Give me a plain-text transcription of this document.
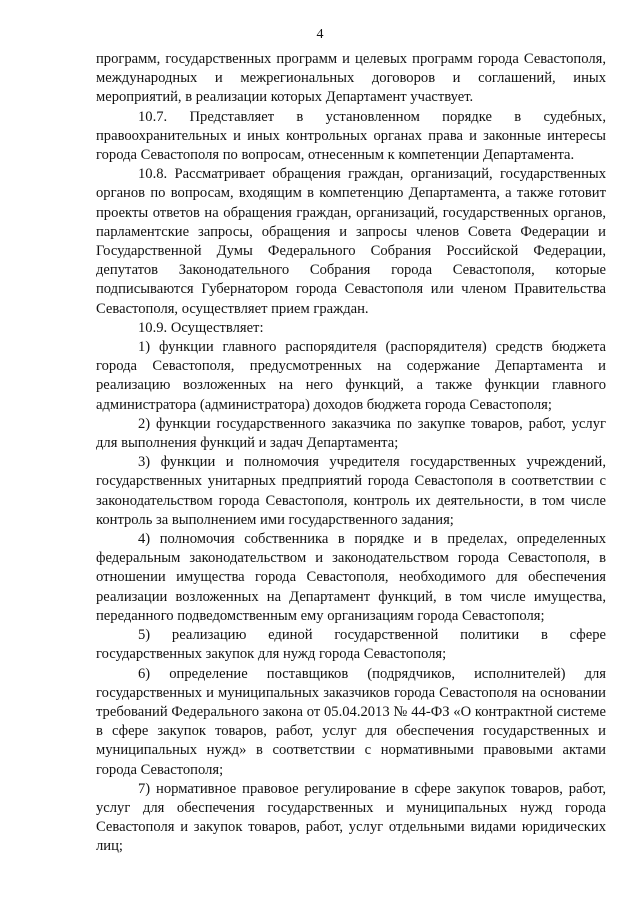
4

программ, государственных программ и целевых программ города Севастополя, международных и межрегиональных договоров и соглашений, иных мероприятий, в реализации которых Департамент участвует.

10.7. Представляет в установленном порядке в судебных, правоохранительных и иных контрольных органах права и законные интересы города Севастополя по вопросам, отнесенным к компетенции Департамента.

10.8. Рассматривает обращения граждан, организаций, государственных органов по вопросам, входящим в компетенцию Департамента, а также готовит проекты ответов на обращения граждан, организаций, государственных органов, парламентские запросы, обращения и запросы членов Совета Федерации и Государственной Думы Федерального Собрания Российской Федерации, депутатов Законодательного Собрания города Севастополя, которые подписываются Губернатором города Севастополя или членом Правительства Севастополя, осуществляет прием граждан.

10.9. Осуществляет:

1) функции главного распорядителя (распорядителя) средств бюджета города Севастополя, предусмотренных на содержание Департамента и реализацию возложенных на него функций, а также функции главного администратора (администратора) доходов бюджета города Севастополя;

2) функции государственного заказчика по закупке товаров, работ, услуг для выполнения функций и задач Департамента;

3) функции и полномочия учредителя государственных учреждений, государственных унитарных предприятий города Севастополя в соответствии с законодательством города Севастополя, контроль их деятельности, в том числе контроль за выполнением ими государственного задания;

4) полномочия собственника в порядке и в пределах, определенных федеральным законодательством и законодательством города Севастополя, в отношении имущества города Севастополя, необходимого для обеспечения реализации возложенных на Департамент функций, в том числе имущества, переданного подведомственным ему организациям города Севастополя;

5) реализацию единой государственной политики в сфере государственных закупок для нужд города Севастополя;

6) определение поставщиков (подрядчиков, исполнителей) для государственных и муниципальных заказчиков города Севастополя на основании требований Федерального закона от 05.04.2013 № 44-ФЗ «О контрактной системе в сфере закупок товаров, работ, услуг для обеспечения государственных и муниципальных нужд» в соответствии с нормативными правовыми актами города Севастополя;

7) нормативное правовое регулирование в сфере закупок товаров, работ, услуг для обеспечения государственных и муниципальных нужд города Севастополя и закупок товаров, работ, услуг отдельными видами юридических лиц;
